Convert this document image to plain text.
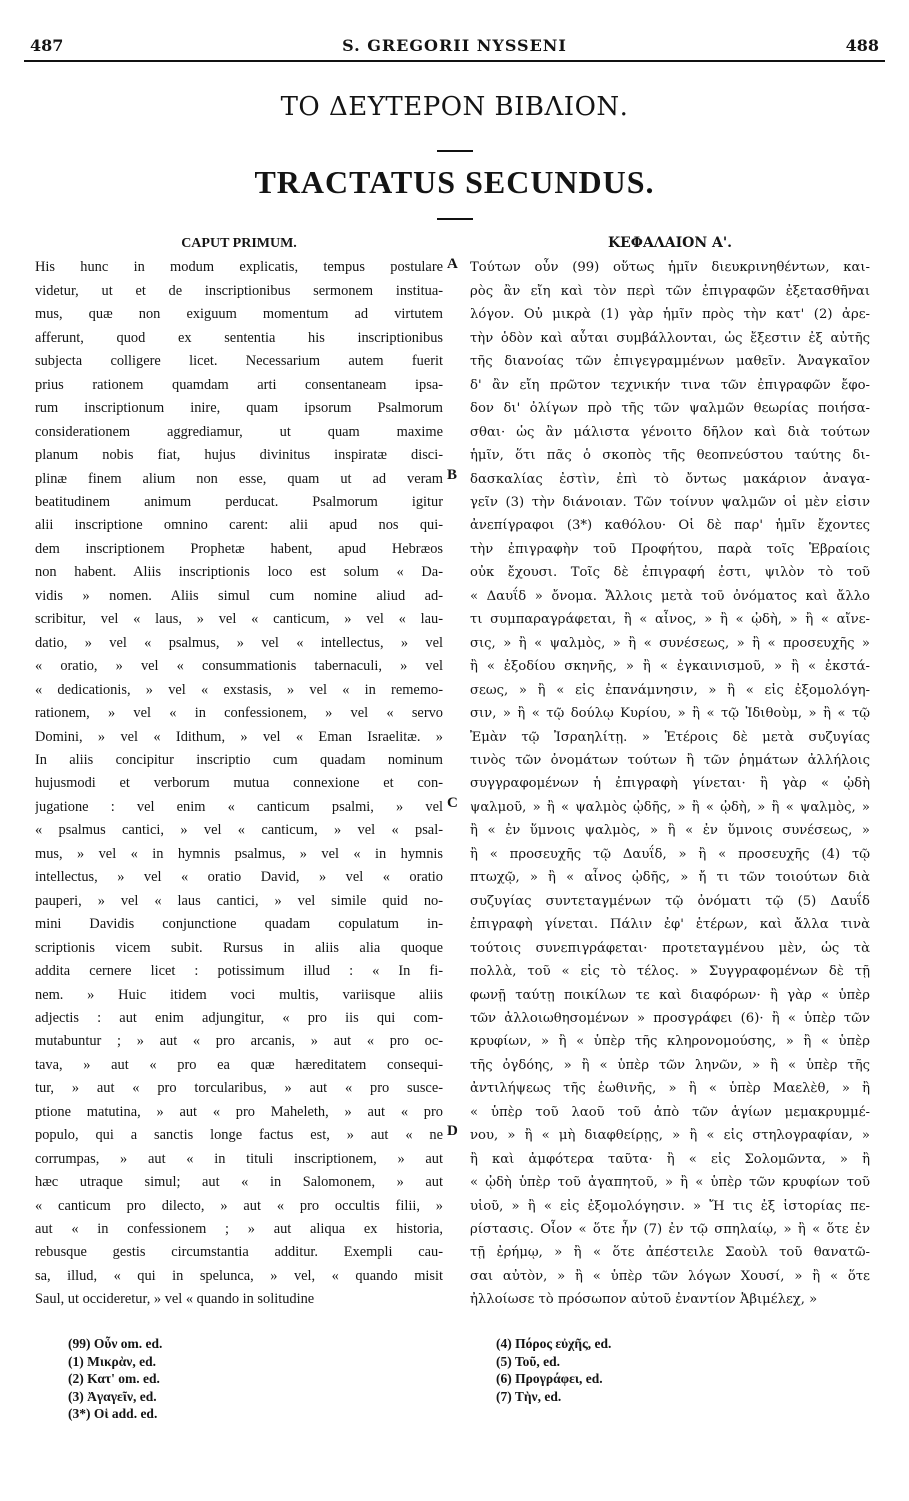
487	S. GREGORII NYSSENI	488
ΤΟ ΔΕΥΤΕΡΟΝ ΒΙΒΛΙΟΝ.
TRACTATUS SECUNDUS.
CAPUT PRIMUM.
His hunc in modum explicatis, tempus postulare
videtur, ut et de inscriptionibus sermonem institua-
mus, quæ non exiguum momentum ad virtutem
afferunt, quod ex sententia his inscriptionibus
subjecta colligere licet. Necessarium autem fuerit
prius rationem quamdam arti consentaneam ipsa-
rum inscriptionum inire, quam ipsorum Psalmorum
considerationem aggrediamur, ut quam maxime
planum nobis fiat, hujus divinitus inspiratæ disci-
plinæ finem alium non esse, quam ut ad veram
beatitudinem animum perducat. Psalmorum igitur
alii inscriptione omnino carent: alii apud nos qui-
dem inscriptionem Prophetæ habent, apud Hebræos
non habent. Aliis inscriptionis loco est solum « Da-
vidis » nomen. Aliis simul cum nomine aliud ad-
scribitur, vel « laus, » vel « canticum, » vel « lau-
datio, » vel « psalmus, » vel « intellectus, » vel
« oratio, » vel « consummationis tabernaculi, » vel
« dedicationis, » vel « exstasis, » vel « in rememo-
rationem, » vel « in confessionem, » vel « servo
Domini, » vel « Idithum, » vel « Eman Israelitæ. »
In aliis concipitur inscriptio cum quadam nominum
hujusmodi et verborum mutua connexione et con-
jugatione : vel enim « canticum psalmi, » vel
« psalmus cantici, » vel « canticum, » vel « psal-
mus, » vel « in hymnis psalmus, » vel « in hymnis
intellectus, » vel « oratio David, » vel « oratio
pauperi, » vel « laus cantici, » vel simile quid no-
mini Davidis conjunctione quadam copulatum in-
scriptionis vicem subit. Rursus in aliis alia quoque
addita cernere licet : potissimum illud : « In fi-
nem. » Huic itidem voci multis, variisque aliis
adjectis : aut enim adjungitur, « pro iis qui com-
mutabuntur ; » aut « pro arcanis, » aut « pro oc-
tava, » aut « pro ea quæ hæreditatem consequi-
tur, » aut « pro torcularibus, » aut « pro susce-
ptione matutina, » aut « pro Maheleth, » aut « pro
populo, qui a sanctis longe factus est, » aut « ne
corrumpas, » aut « in tituli inscriptionem, » aut
hæc utraque simul; aut « in Salomonem, » aut
« canticum pro dilecto, » aut « pro occultis filii, »
aut « in confessionem ; » aut aliqua ex historia,
rebusque gestis circumstantia additur. Exempli cau-
sa, illud, « qui in spelunca, » vel, « quando misit
Saul, ut occideretur, » vel « quando in solitudine
ΚΕΦΑΛΑΙΟΝ Α'.
Τούτων οὖν (99) οὕτως ἡμῖν διευκρινηθέντων, και-
ρὸς ἂν εἴη καὶ τὸν περὶ τῶν ἐπιγραφῶν ἐξετασθῆναι
λόγον. Οὐ μικρὰ (1) γὰρ ἡμῖν πρὸς τὴν κατ' (2) ἀρε-
τὴν ὁδὸν καὶ αὗται συμβάλλονται, ὡς ἔξεστιν ἐξ αὐτῆς
τῆς διανοίας τῶν ἐπιγεγραμμένων μαθεῖν. Ἀναγκαῖον
δ' ἂν εἴη πρῶτον τεχνικήν τινα τῶν ἐπιγραφῶν ἔφο-
δον δι' ὀλίγων πρὸ τῆς τῶν ψαλμῶν θεωρίας ποιήσα-
σθαι· ὡς ἂν μάλιστα γένοιτο δῆλον καὶ διὰ τούτων
ἡμῖν, ὅτι πᾶς ὁ σκοπὸς τῆς θεοπνεύστου ταύτης δι-
δασκαλίας ἐστὶν, ἐπὶ τὸ ὄντως μακάριον ἀναγα-
γεῖν (3) τὴν διάνοιαν. Τῶν τοίνυν ψαλμῶν οἱ μὲν εἰσιν
ἀνεπίγραφοι (3*) καθόλου· Οἱ δὲ παρ' ἡμῖν ἔχοντες
τὴν ἐπιγραφὴν τοῦ Προφήτου, παρὰ τοῖς Ἑβραίοις
οὐκ ἔχουσι. Τοῖς δὲ ἐπιγραφή ἐστι, ψιλὸν τὸ τοῦ
« Δαυΐδ » ὄνομα. Ἄλλοις μετὰ τοῦ ὀνόματος καὶ ἄλλο
τι συμπαραγράφεται, ἢ « αἶνος, » ἢ « ᾠδὴ, » ἢ « αἴνε-
σις, » ἢ « ψαλμὸς, » ἢ « συνέσεως, » ἢ « προσευχῆς »
ἢ « ἐξοδίου σκηνῆς, » ἢ « ἐγκαινισμοῦ, » ἢ « ἐκστά-
σεως, » ἢ « εἰς ἐπανάμνησιν, » ἢ « εἰς ἐξομολόγη-
σιν, » ἢ « τῷ δούλῳ Κυρίου, » ἢ « τῷ Ἰδιθοὺμ, » ἢ « τῷ
Ἐμὰν τῷ Ἰσραηλίτῃ. » Ἑτέροις δὲ μετὰ συζυγίας
τινὸς τῶν ὀνομάτων τούτων ἢ τῶν ῥημάτων ἀλλήλοις
συγγραφομένων ἡ ἐπιγραφὴ γίνεται· ἢ γὰρ « ᾠδὴ
ψαλμοῦ, » ἢ « ψαλμὸς ᾠδῆς, » ἢ « ᾠδὴ, » ἢ « ψαλμὸς, »
ἢ « ἐν ὕμνοις ψαλμὸς, » ἢ « ἐν ὕμνοις συνέσεως, »
ἢ « προσευχῆς τῷ Δαυΐδ, » ἢ « προσευχῆς (4) τῷ
πτωχῷ, » ἢ « αἶνος ᾠδῆς, » ἤ τι τῶν τοιούτων διὰ
συζυγίας συντεταγμένων τῷ ὀνόματι τῷ (5) Δαυΐδ
ἐπιγραφὴ γίνεται. Πάλιν ἐφ' ἑτέρων, καὶ ἄλλα τινὰ
τούτοις συνεπιγράφεται· προτεταγμένου μὲν, ὡς τὰ
πολλὰ, τοῦ « εἰς τὸ τέλος. » Συγγραφομένων δὲ τῇ
φωνῇ ταύτῃ ποικίλων τε καὶ διαφόρων· ἢ γὰρ « ὑπὲρ
τῶν ἀλλοιωθησομένων » προσγράφει (6)· ἢ « ὑπὲρ τῶν
κρυφίων, » ἢ « ὑπὲρ τῆς κληρονομούσης, » ἢ « ὑπὲρ
τῆς ὀγδόης, » ἢ « ὑπὲρ τῶν ληνῶν, » ἢ « ὑπὲρ τῆς
ἀντιλήψεως τῆς ἑωθινῆς, » ἢ « ὑπὲρ Μαελὲθ, » ἢ
« ὑπὲρ τοῦ λαοῦ τοῦ ἀπὸ τῶν ἁγίων μεμακρυμμέ-
νου, » ἢ « μὴ διαφθείρῃς, » ἢ « εἰς στηλογραφίαν, »
ἢ καὶ ἀμφότερα ταῦτα· ἢ « εἰς Σολομῶντα, » ἢ
« ᾠδὴ ὑπὲρ τοῦ ἀγαπητοῦ, » ἢ « ὑπὲρ τῶν κρυφίων τοῦ
υἱοῦ, » ἢ « εἰς ἐξομολόγησιν. » Ἤ τις ἐξ ἱστορίας πε-
ρίστασις. Οἷον « ὅτε ἦν (7) ἐν τῷ σπηλαίῳ, » ἢ « ὅτε ἐν
τῇ ἐρήμῳ, » ἢ « ὅτε ἀπέστειλε Σαοὺλ τοῦ θανατῶ-
σαι αὐτὸν, » ἢ « ὑπὲρ τῶν λόγων Χουσί, » ἢ « ὅτε
ἠλλοίωσε τὸ πρόσωπον αὐτοῦ ἐναντίον Ἀβιμέλεχ, »
A
B
C
D
(99) Οὖν om. ed.
(1) Μικρὰν, ed.
(2) Κατ' om. ed.
(3) Ἀγαγεῖν, ed.
(3*) Οἱ add. ed.
(4) Πόρος εὐχῆς, ed.
(5) Τοῦ, ed.
(6) Προγράφει, ed.
(7) Τὴν, ed.
